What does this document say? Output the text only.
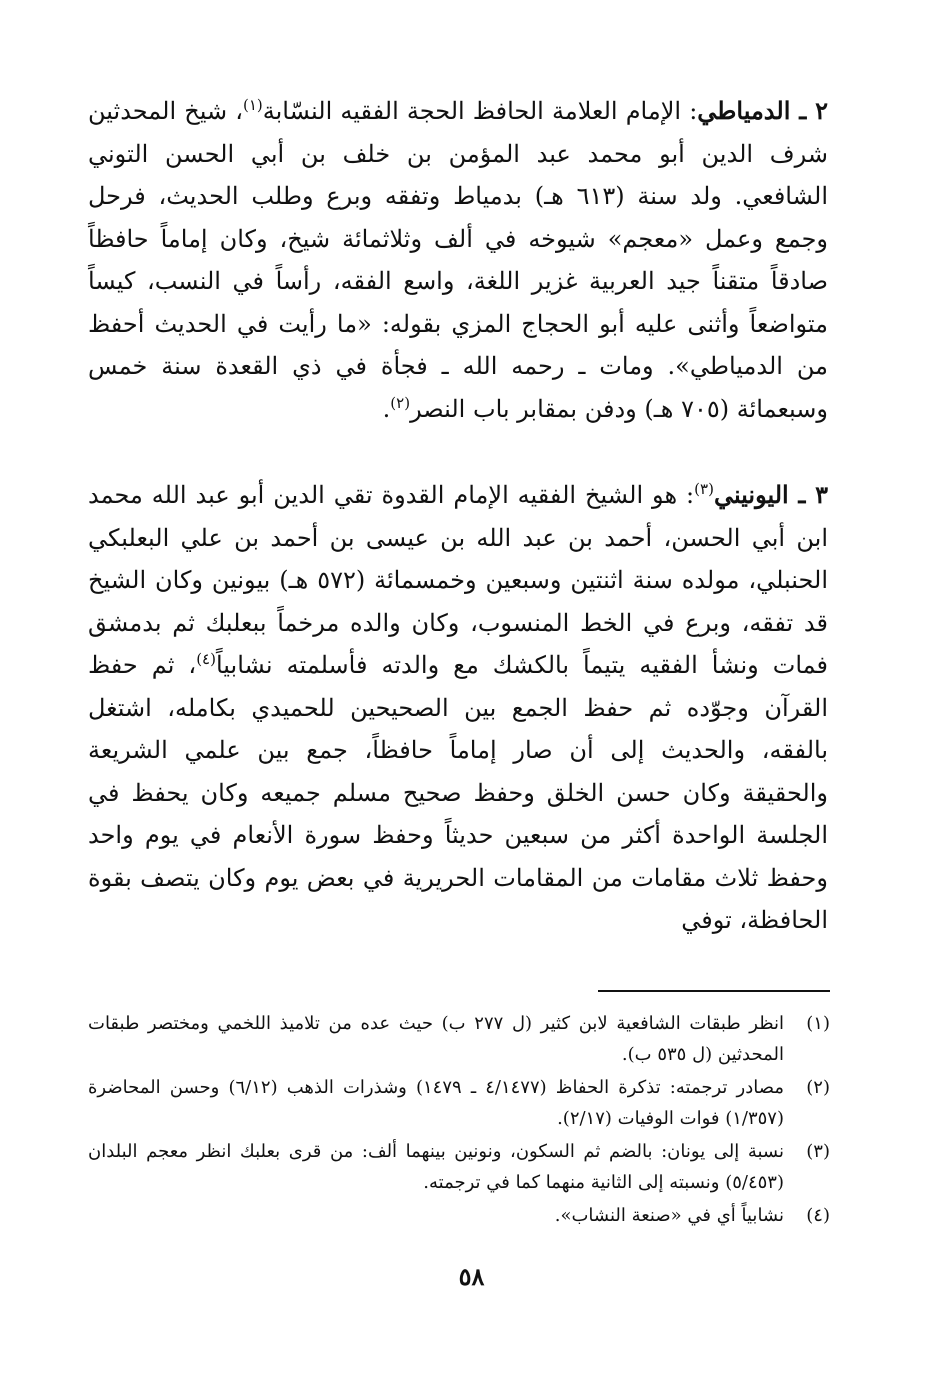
٢ ـ الدمياطي: الإمام العلامة الحافظ الحجة الفقيه النسّابة$^{(١)}$، شيخ المحدثين شرف الدين أبو محمد عبد المؤمن بن خلف بن أبي الحسن التوني الشافعي. ولد سنة (٦١٣ هـ) بدمياط وتفقه وبرع وطلب الحديث، فرحل وجمع وعمل «معجم» شيوخه في ألف وثلاثمائة شيخ، وكان إماماً حافظاً صادقاً متقناً جيد العربية غزير اللغة، واسع الفقه، رأساً في النسب، كيساً متواضعاً وأثنى عليه أبو الحجاج المزي بقوله: «ما رأيت في الحديث أحفظ من الدمياطي». ومات ـ رحمه الله ـ فجأة في ذي القعدة سنة خمس وسبعمائة (٧٠٥ هـ) ودفن بمقابر باب النصر$^{(٢)}$.

٣ ـ اليونيني$^{(٣)}$: هو الشيخ الفقيه الإمام القدوة تقي الدين أبو عبد الله محمد ابن أبي الحسن، أحمد بن عبد الله بن عيسى بن أحمد بن علي البعلبكي الحنبلي، مولده سنة اثنتين وسبعين وخمسمائة (٥٧٢ هـ) بيونين وكان الشيخ قد تفقه، وبرع في الخط المنسوب، وكان والده مرخماً ببعلبك ثم بدمشق فمات ونشأ الفقيه يتيماً بالكشك مع والدته فأسلمته نشابياً$^{(٤)}$، ثم حفظ القرآن وجوّده ثم حفظ الجمع بين الصحيحين للحميدي بكامله، اشتغل بالفقه، والحديث إلى أن صار إماماً حافظاً، جمع بين علمي الشريعة والحقيقة وكان حسن الخلق وحفظ صحيح مسلم جميعه وكان يحفظ في الجلسة الواحدة أكثر من سبعين حديثاً وحفظ سورة الأنعام في يوم واحد وحفظ ثلاث مقامات من المقامات الحريرية في بعض يوم وكان يتصف بقوة الحافظة، توفي

(١)
انظر طبقات الشافعية لابن كثير (ل ٢٧٧ ب) حيث عده من تلاميذ اللخمي ومختصر طبقات المحدثين (ل ٥٣٥ ب).
(٢)
مصادر ترجمته: تذكرة الحفاظ (٤/١٤٧٧ ـ ١٤٧٩) وشذرات الذهب (٦/١٢) وحسن المحاضرة (١/٣٥٧) فوات الوفيات (٢/١٧).
(٣)
نسبة إلى يونان: بالضم ثم السكون، ونونين بينهما ألف: من قرى بعلبك انظر معجم البلدان (٥/٤٥٣) ونسبته إلى الثانية منهما كما في ترجمته.
(٤)
نشابياً أي في «صنعة النشاب».
٥٨
